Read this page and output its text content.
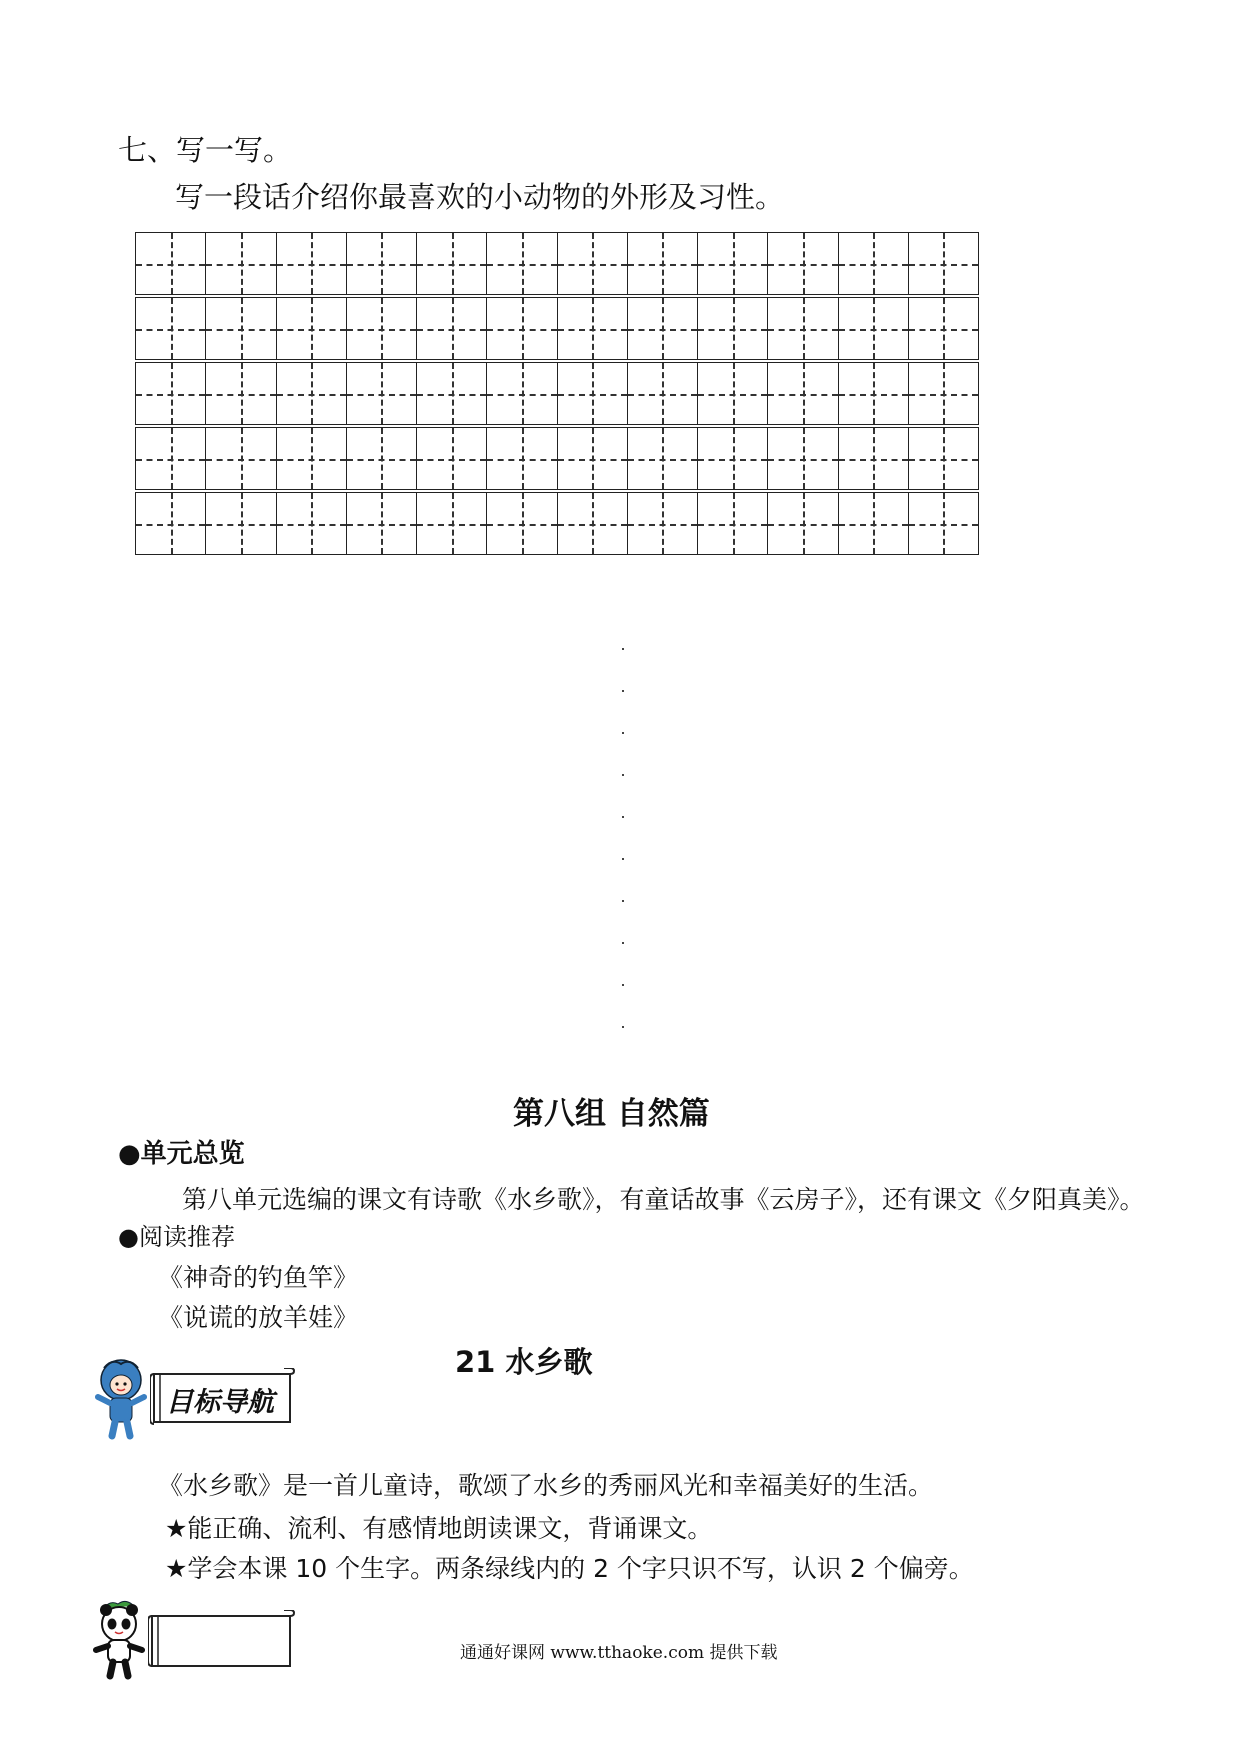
七、写一写。
写一段话介绍你最喜欢的小动物的外形及习性。
第八组 自然篇
●单元总览
第八单元选编的课文有诗歌《水乡歌》，有童话故事《云房子》，还有课文《夕阳真美》。
●阅读推荐
《神奇的钓鱼竿》
《说谎的放羊娃》
21 水乡歌
目标导航
《水乡歌》是一首儿童诗，歌颂了水乡的秀丽风光和幸福美好的生活。
★能正确、流利、有感情地朗读课文，背诵课文。
★学会本课 10 个生字。两条绿线内的 2 个字只识不写，认识 2 个偏旁。
通通好课网 www.tthaoke.com 提供下载
